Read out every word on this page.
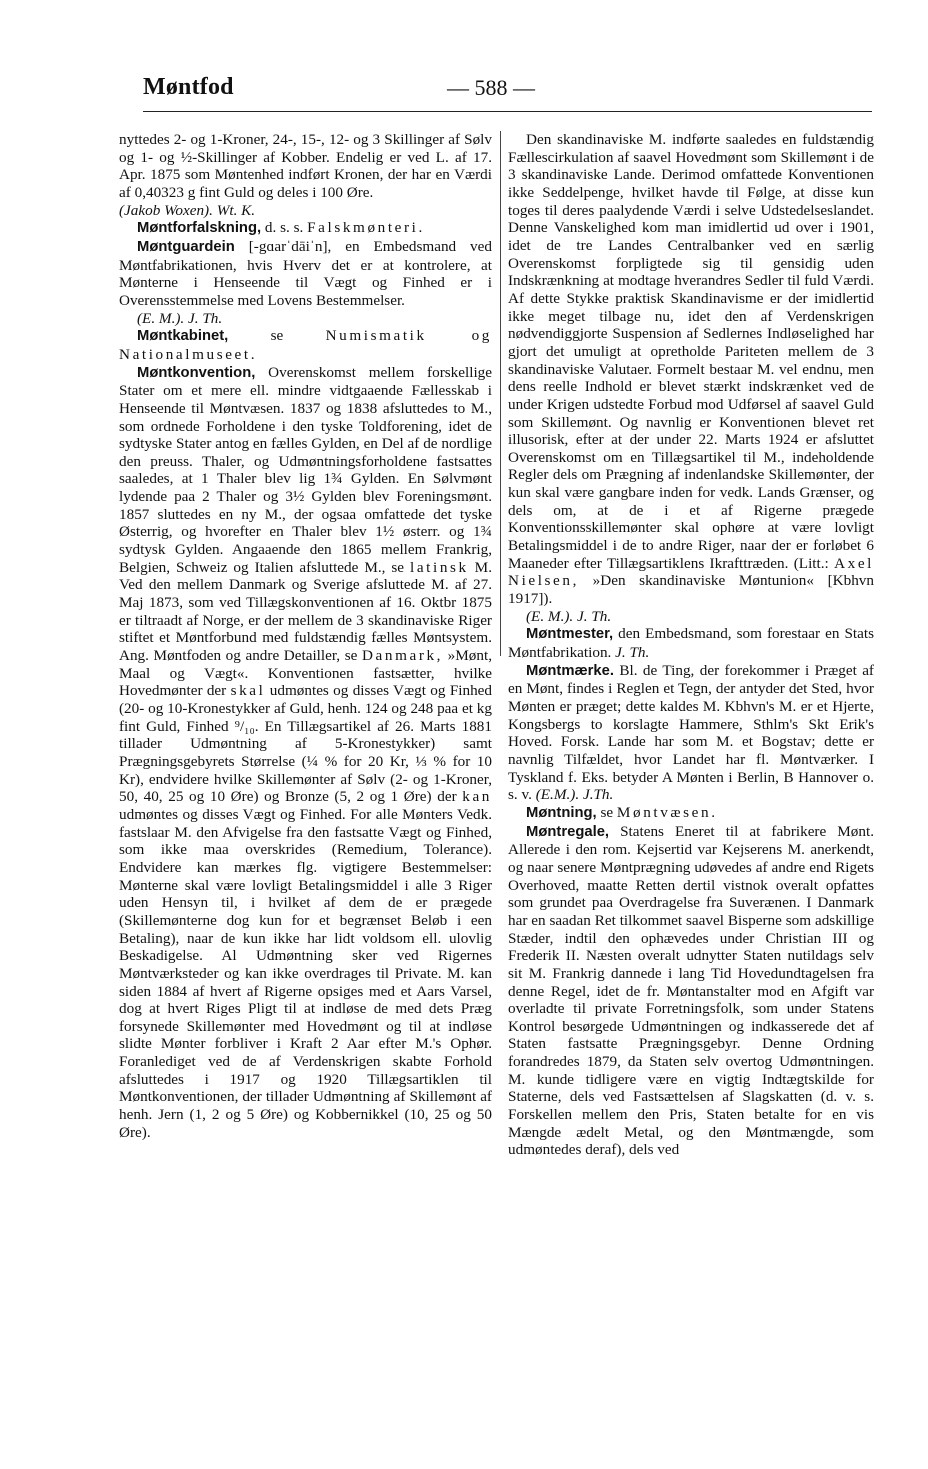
Møntfod	— 588 —

nyttedes 2- og 1-Kroner, 24-, 15-, 12- og 3 Skillinger af Sølv og 1- og ½-Skillinger af Kobber. Endelig er ved L. af 17. Apr. 1875 som Møntenhed indført Kronen, der har en Værdi af 0,40323 g fint Guld og deles i 100 Øre.
(Jakob Woxen). Wt. K.

Møntforfalskning, d. s. s. Falskmønteri.

Møntguardein [-gɑarˈdāiˈn], en Embedsmand ved Møntfabrikationen, hvis Hverv det er at kontrolere, at Mønterne i Henseende til Vægt og Finhed er i Overensstemmelse med Lovens Bestemmelser.
(E. M.). J. Th.

Møntkabinet, se Numismatik og Nationalmuseet.

Møntkonvention, Overenskomst mellem forskellige Stater om et mere ell. mindre vidtgaaende Fællesskab i Henseende til Møntvæsen. 1837 og 1838 afsluttedes to M., som ordnede Forholdene i den tyske Toldforening, idet de sydtyske Stater antog en fælles Gylden, en Del af de nordlige den preuss. Thaler, og Udmøntningsforholdene fastsattes saaledes, at 1 Thaler blev lig 1¾ Gylden. En Sølvmønt lydende paa 2 Thaler og 3½ Gylden blev Foreningsmønt. 1857 sluttedes en ny M., der ogsaa omfattede det tyske Østerrig, og hvorefter en Thaler blev 1½ østerr. og 1¾ sydtysk Gylden. Angaaende den 1865 mellem Frankrig, Belgien, Schweiz og Italien afsluttede M., se latinsk M. Ved den mellem Danmark og Sverige afsluttede M. af 27. Maj 1873, som ved Tillægskonventionen af 16. Oktbr 1875 er tiltraadt af Norge, er der mellem de 3 skandinaviske Riger stiftet et Møntforbund med fuldstændig fælles Møntsystem. Ang. Møntfoden og andre Detailler, se Danmark, »Mønt, Maal og Vægt«. Konventionen fastsætter, hvilke Hovedmønter der skal udmøntes og disses Vægt og Finhed (20- og 10-Kronestykker af Guld, henh. 124 og 248 paa et kg fint Guld, Finhed ⁹/₁₀. En Tillægsartikel af 26. Marts 1881 tillader Udmøntning af 5-Kronestykker) samt Prægningsgebyrets Størrelse (¼ % for 20 Kr, ⅓ % for 10 Kr), endvidere hvilke Skillemønter af Sølv (2- og 1-Kroner, 50, 40, 25 og 10 Øre) og Bronze (5, 2 og 1 Øre) der kan udmøntes og disses Vægt og Finhed. For alle Mønters Vedk. fastslaar M. den Afvigelse fra den fastsatte Vægt og Finhed, som ikke maa overskrides (Remedium, Tolerance). Endvidere kan mærkes flg. vigtigere Bestemmelser: Mønterne skal være lovligt Betalingsmiddel i alle 3 Riger uden Hensyn til, i hvilket af dem de er prægede (Skillemønterne dog kun for et begrænset Beløb i een Betaling), naar de kun ikke har lidt voldsom ell. ulovlig Beskadigelse. Al Udmøntning sker ved Rigernes Møntværksteder og kan ikke overdrages til Private. M. kan siden 1884 af hvert af Rigerne opsiges med et Aars Varsel, dog at hvert Riges Pligt til at indløse de med dets Præg forsynede Skillemønter med Hovedmønt og til at indløse slidte Mønter forbliver i Kraft 2 Aar efter M.'s Ophør. Foranlediget ved de af Verdenskrigen skabte Forhold afsluttedes i 1917 og 1920 Tillægsartiklen til Møntkonventionen, der tillader Udmøntning af Skillemønt af henh. Jern (1, 2 og 5 Øre) og Kobbernikkel (10, 25 og 50 Øre).

Den skandinaviske M. indførte saaledes en fuldstændig Fællescirkulation af saavel Hovedmønt som Skillemønt i de 3 skandinaviske Lande. Derimod omfattede Konventionen ikke Seddelpenge, hvilket havde til Følge, at disse kun toges til deres paalydende Værdi i selve Udstedelseslandet. Denne Vanskelighed kom man imidlertid ud over i 1901, idet de tre Landes Centralbanker ved en særlig Overenskomst forpligtede sig til gensidig uden Indskrænkning at modtage hverandres Sedler til fuld Værdi. Af dette Stykke praktisk Skandinavisme er der imidlertid ikke meget tilbage nu, idet den af Verdenskrigen nødvendiggjorte Suspension af Sedlernes Indløselighed har gjort det umuligt at opretholde Pariteten mellem de 3 skandinaviske Valutaer. Formelt bestaar M. vel endnu, men dens reelle Indhold er blevet stærkt indskrænket ved de under Krigen udstedte Forbud mod Udførsel af saavel Guld som Skillemønt. Og navnlig er Konventionen blevet ret illusorisk, efter at der under 22. Marts 1924 er afsluttet Overenskomst om en Tillægsartikel til M., indeholdende Regler dels om Prægning af indenlandske Skillemønter, der kun skal være gangbare inden for vedk. Lands Grænser, og dels om, at de i et af Rigerne prægede Konventionsskillemønter skal ophøre at være lovligt Betalingsmiddel i de to andre Riger, naar der er forløbet 6 Maaneder efter Tillægsartiklens Ikrafttræden. (Litt.: Axel Nielsen, »Den skandinaviske Møntunion« [Kbhvn 1917]).
(E. M.). J. Th.

Møntmester, den Embedsmand, som forestaar en Stats Møntfabrikation. J. Th.

Møntmærke. Bl. de Ting, der forekommer i Præget af en Mønt, findes i Reglen et Tegn, der antyder det Sted, hvor Mønten er præget; dette kaldes M. Kbhvn's M. er et Hjerte, Kongsbergs to korslagte Hammere, Sthlm's Skt Erik's Hoved. Forsk. Lande har som M. et Bogstav; dette er navnlig Tilfældet, hvor Landet har fl. Møntværker. I Tyskland f. Eks. betyder A Mønten i Berlin, B Hannover o. s. v. (E.M.). J.Th.

Møntning, se Møntvæsen.

Møntregale, Statens Eneret til at fabrikere Mønt. Allerede i den rom. Kejsertid var Kejserens M. anerkendt, og naar senere Møntprægning udøvedes af andre end Rigets Overhoved, maatte Retten dertil vistnok overalt opfattes som grundet paa Overdragelse fra Suverænen. I Danmark har en saadan Ret tilkommet saavel Bisperne som adskillige Stæder, indtil den ophævedes under Christian III og Frederik II. Næsten overalt udnytter Staten nutildags selv sit M. Frankrig dannede i lang Tid Hovedundtagelsen fra denne Regel, idet de fr. Møntanstalter mod en Afgift var overladte til private Forretningsfolk, som under Statens Kontrol besørgede Udmøntningen og indkasserede det af Staten fastsatte Prægningsgebyr. Denne Ordning forandredes 1879, da Staten selv overtog Udmøntningen. M. kunde tidligere være en vigtig Indtægtskilde for Staterne, dels ved Fastsættelsen af Slagskatten (d. v. s. Forskellen mellem den Pris, Staten betalte for en vis Mængde ædelt Metal, og den Møntmængde, som udmøntedes deraf), dels ved
